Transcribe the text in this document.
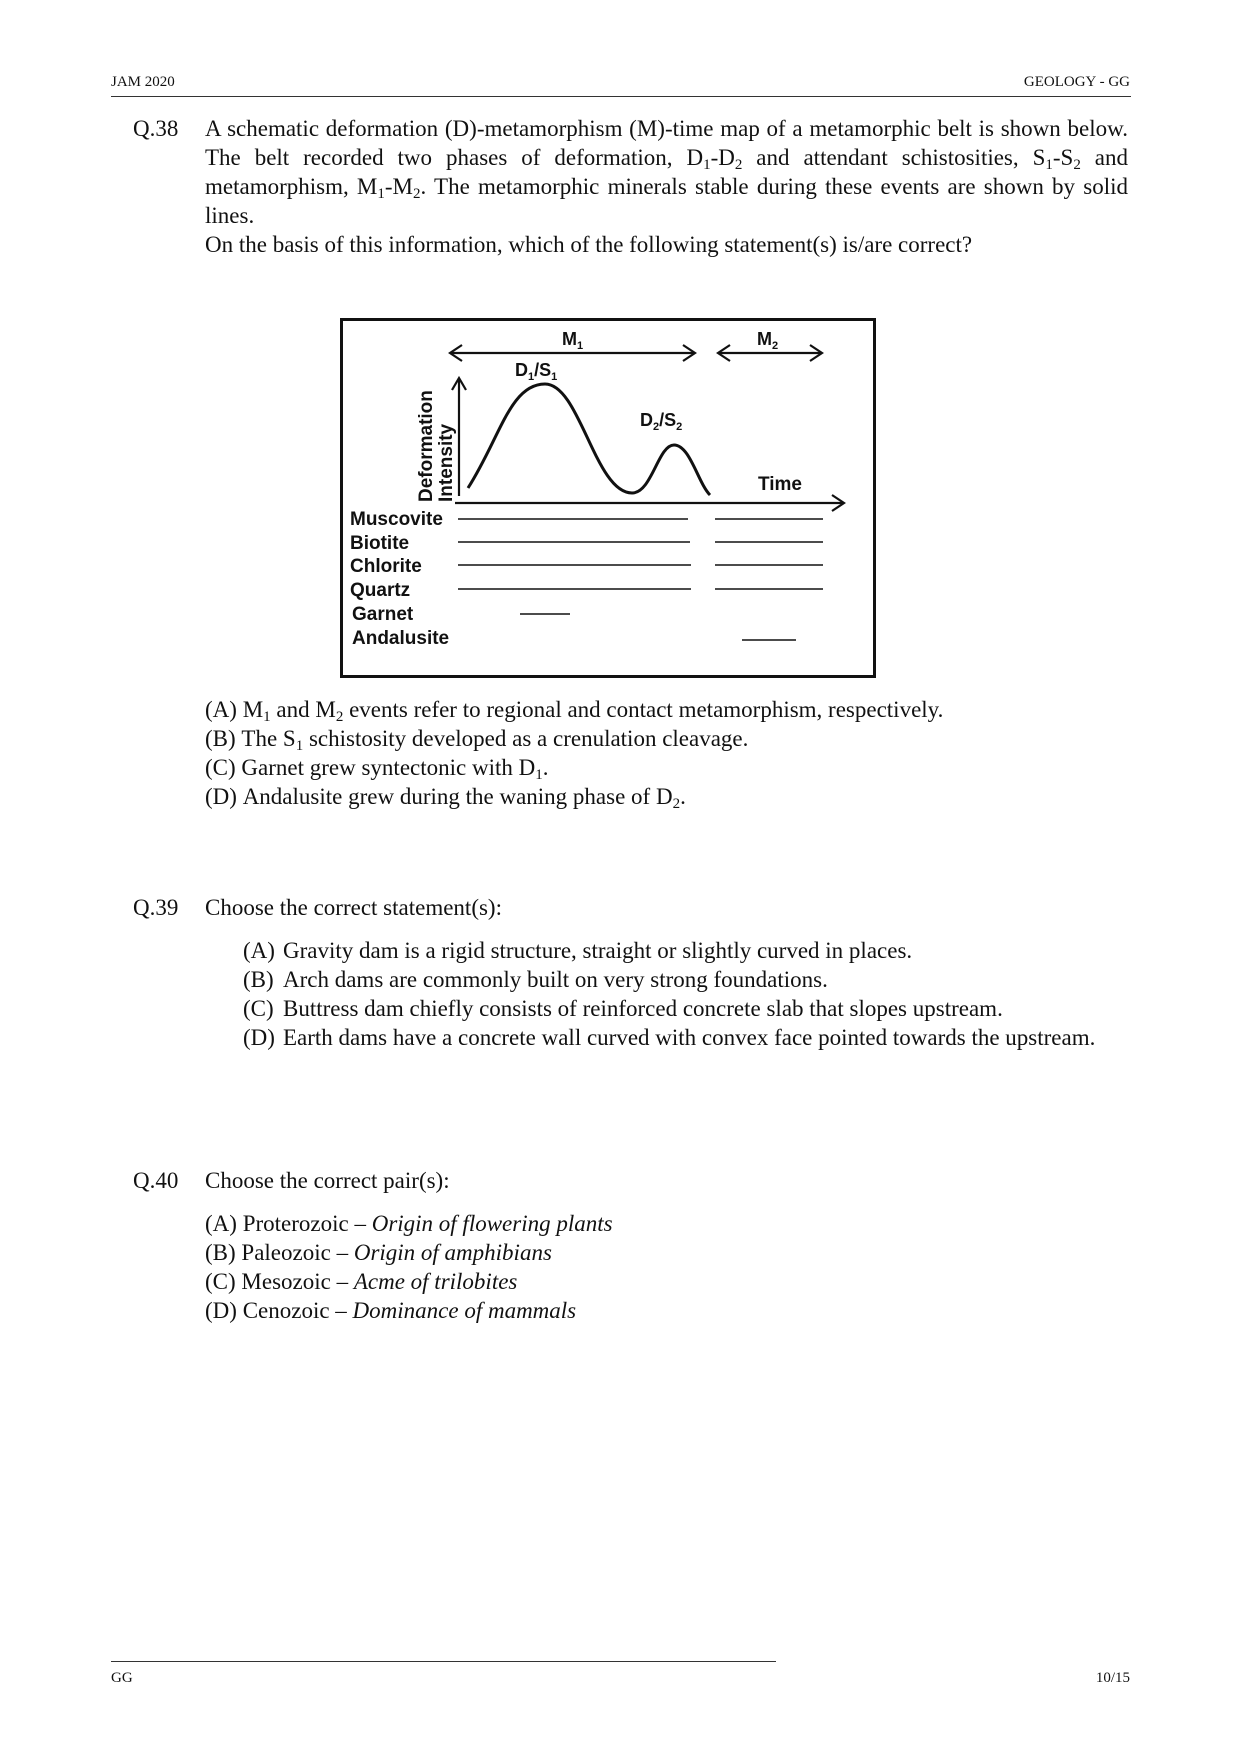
JAM 2020	GEOLOGY - GG
Q.38 A schematic deformation (D)-metamorphism (M)-time map of a metamorphic belt is shown below. The belt recorded two phases of deformation, $D_1-D_2$ and attendant schistosities, $S_1-S_2$ and metamorphism, $M_1-M_2$. The metamorphic minerals stable during these events are shown by solid lines.
On the basis of this information, which of the following statement(s) is/are correct?
$M_1$	$M_2$
Deformation Intensity
$D_1/S_1$
$D_2/S_2$
Time
Muscovite
Biotite
Chlorite
Quartz
Garnet
Andalusite
(A) $M_1$ and $M_2$ events refer to regional and contact metamorphism, respectively.
(B) The $S_1$ schistosity developed as a crenulation cleavage.
(C) Garnet grew syntectonic with $D_1$.
(D) Andalusite grew during the waning phase of $D_2$.
Q.39 Choose the correct statement(s):
(A) Gravity dam is a rigid structure, straight or slightly curved in places.
(B) Arch dams are commonly built on very strong foundations.
(C) Buttress dam chiefly consists of reinforced concrete slab that slopes upstream.
(D) Earth dams have a concrete wall curved with convex face pointed towards the upstream.
Q.40 Choose the correct pair(s):
(A) Proterozoic – Origin of flowering plants
(B) Paleozoic – Origin of amphibians
(C) Mesozoic – Acme of trilobites
(D) Cenozoic – Dominance of mammals
GG	10/15
